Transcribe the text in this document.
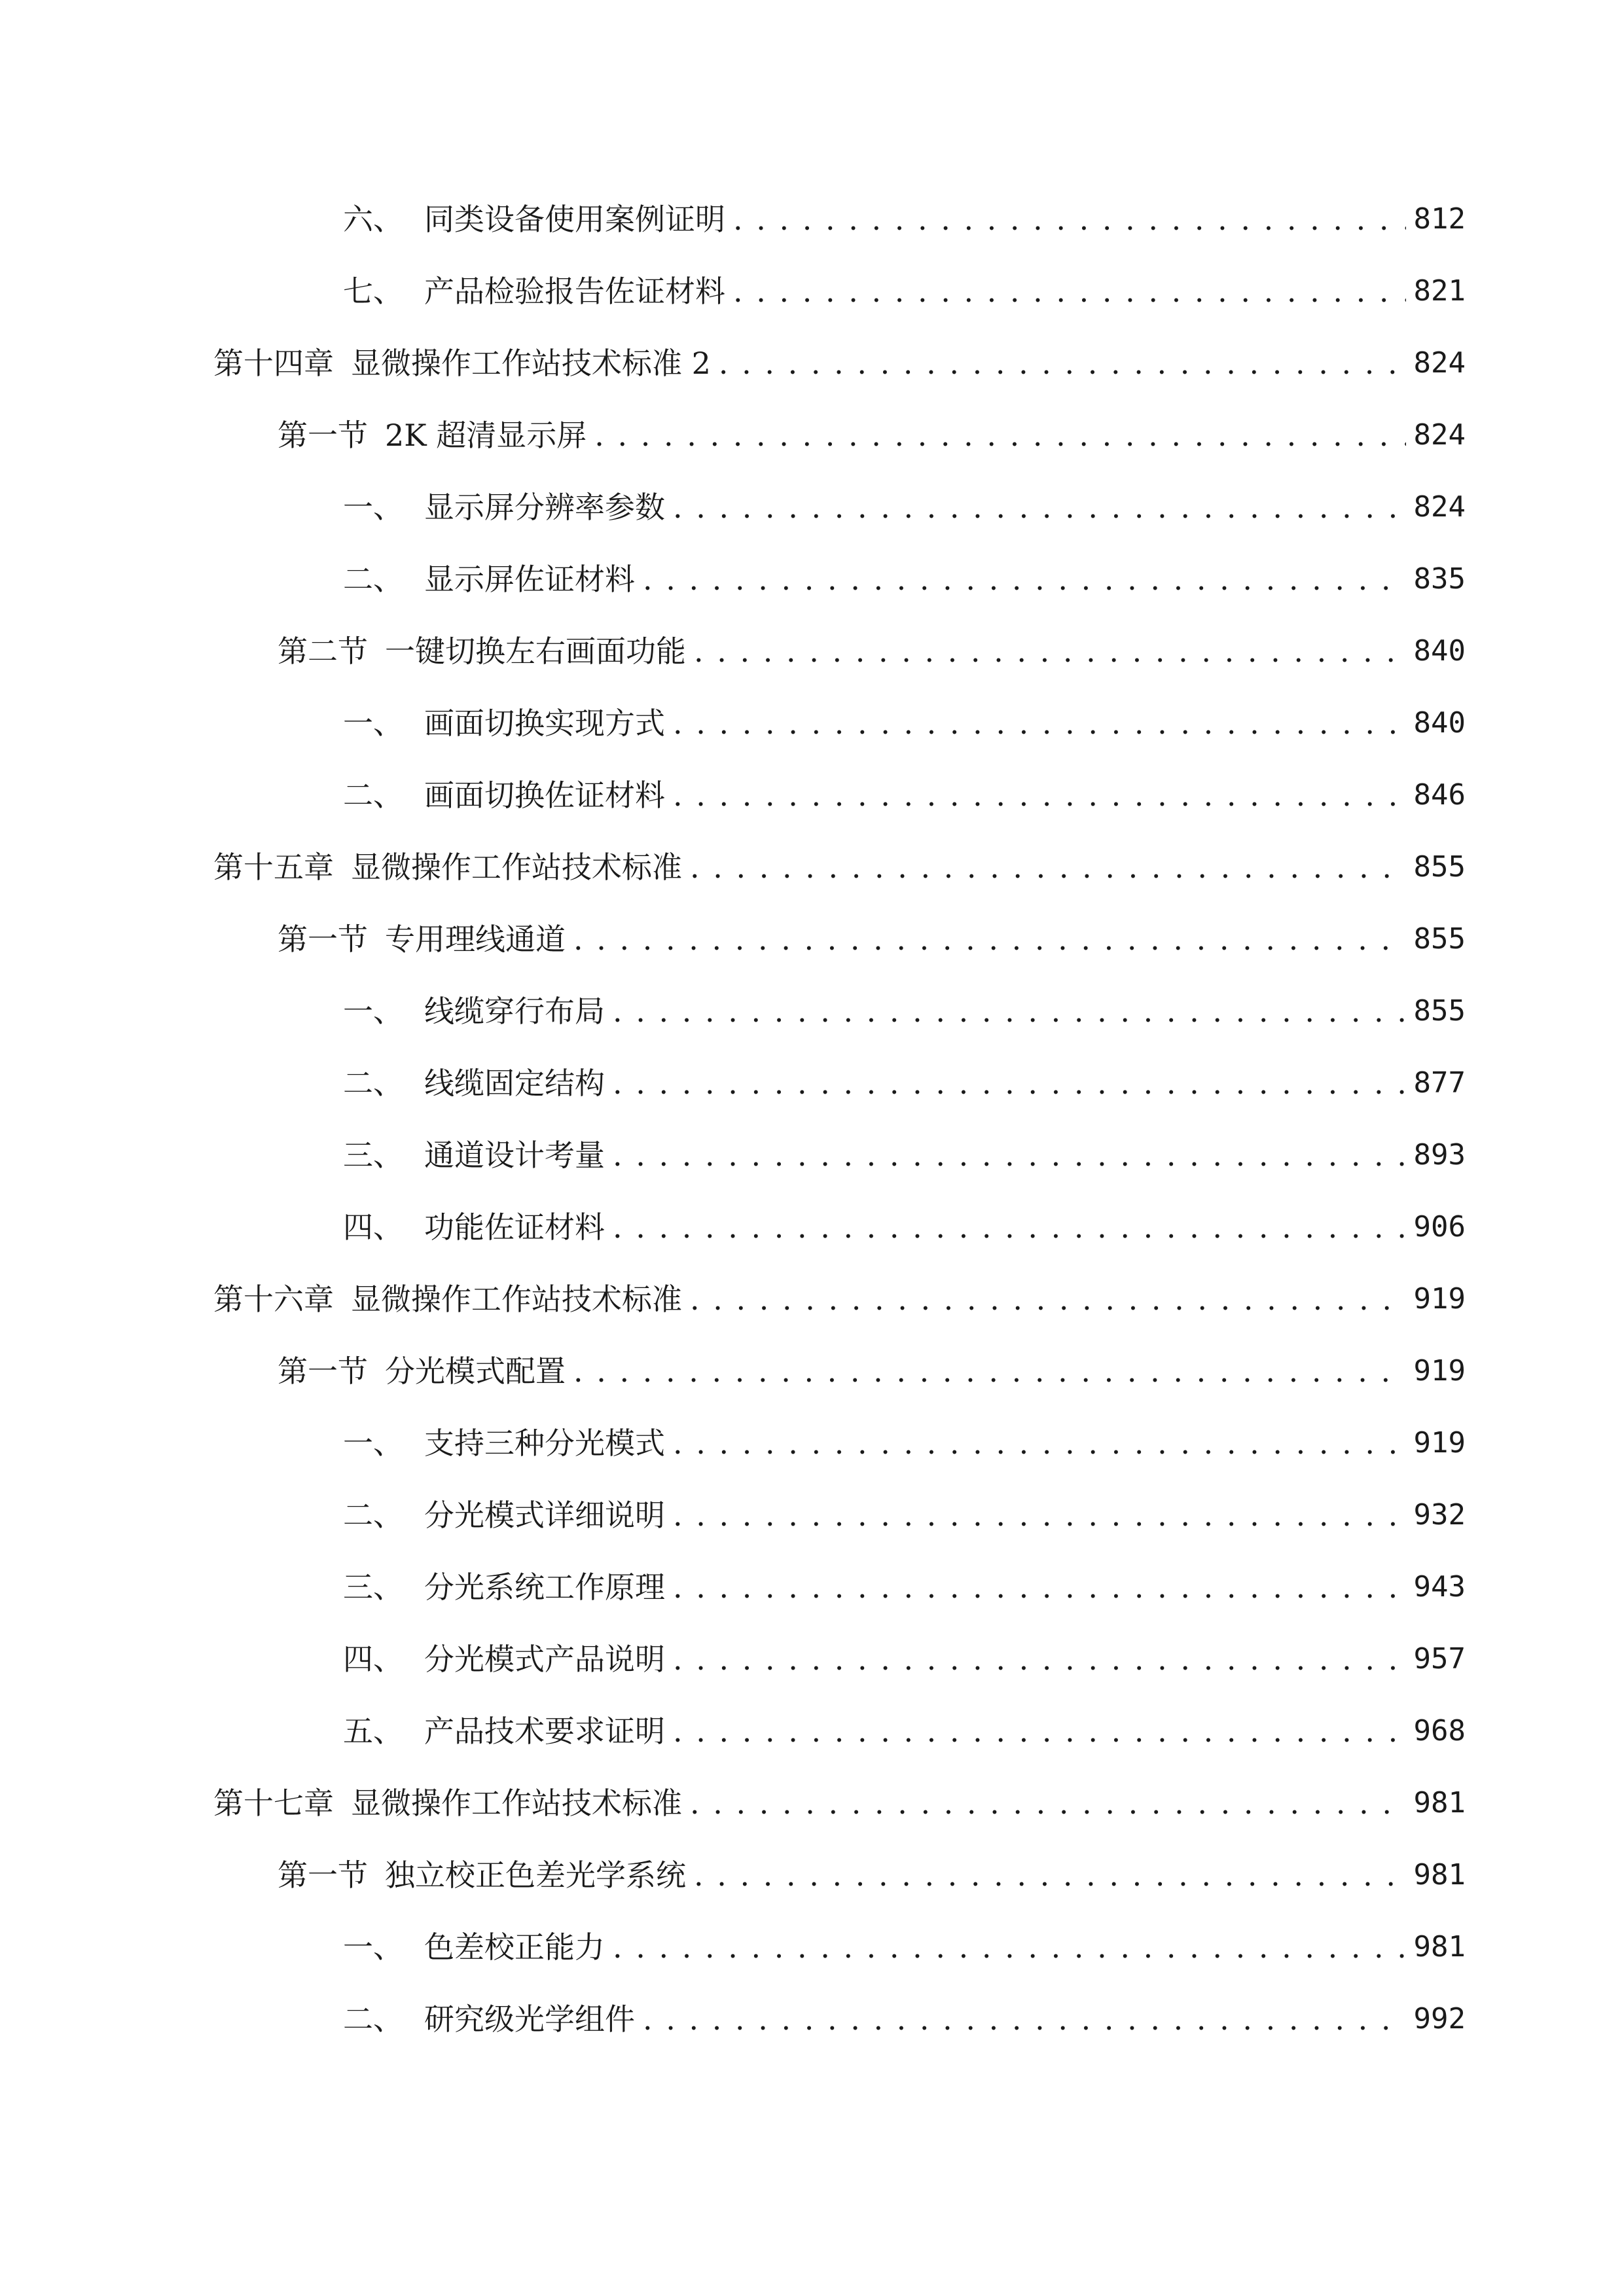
六、 同类设备使用案例证明 . . .	812
七、 产品检验报告佐证材料 . . .	821
第十四章 显微操作工作站技术标准 2 . . .	824
第一节 2K 超清显示屏 . . .	824
一、 显示屏分辨率参数 . . .	824
二、 显示屏佐证材料 . . .	835
第二节 一键切换左右画面功能 . . .	840
一、 画面切换实现方式 . . .	840
二、 画面切换佐证材料 . . .	846
第十五章 显微操作工作站技术标准 . . .	855
第一节 专用理线通道 . . .	855
一、 线缆穿行布局 . . .	855
二、 线缆固定结构 . . .	877
三、 通道设计考量 . . .	893
四、 功能佐证材料 . . .	906
第十六章 显微操作工作站技术标准 . . .	919
第一节 分光模式配置 . . .	919
一、 支持三种分光模式 . . .	919
二、 分光模式详细说明 . . .	932
三、 分光系统工作原理 . . .	943
四、 分光模式产品说明 . . .	957
五、 产品技术要求证明 . . .	968
第十七章 显微操作工作站技术标准 . . .	981
第一节 独立校正色差光学系统 . . .	981
一、 色差校正能力 . . .	981
二、 研究级光学组件 . . .	992
